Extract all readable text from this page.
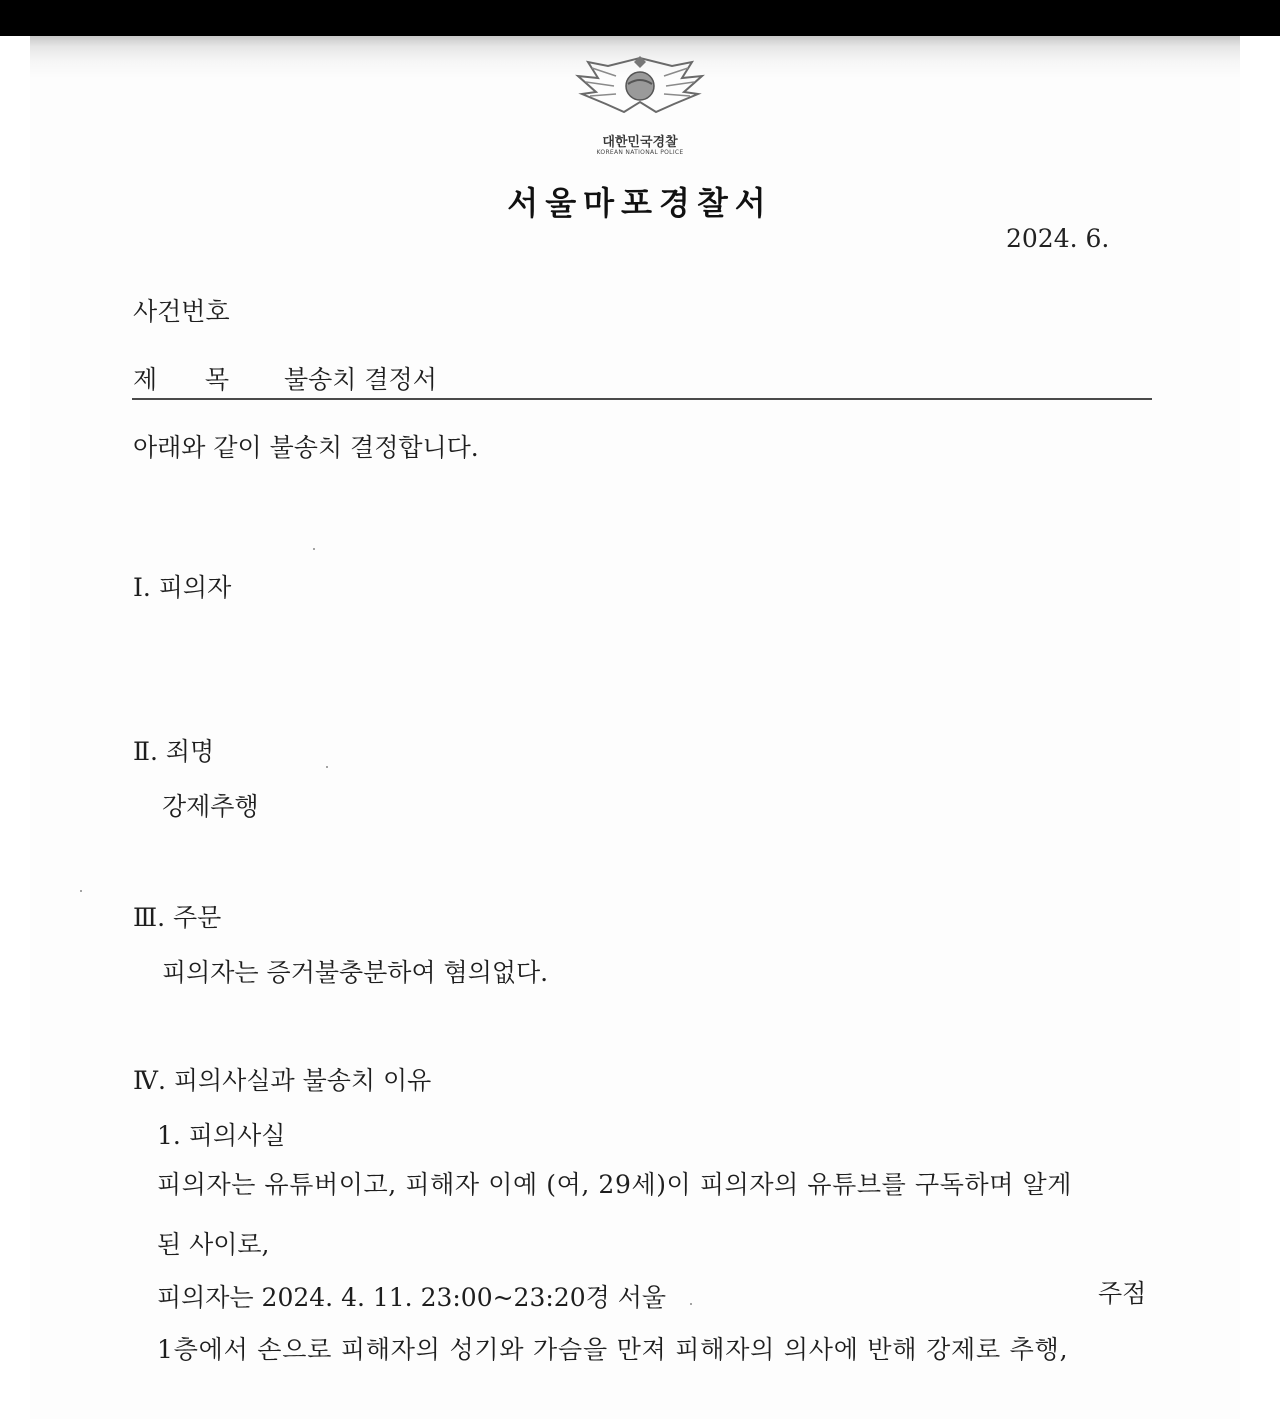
대한민국경찰
KOREAN NATIONAL POLICE
서울마포경찰서
2024. 6.
사건번호
제      목 불송치 결정서
아래와 같이 불송치 결정합니다.
Ⅰ. 피의자
Ⅱ. 죄명
강제추행
Ⅲ. 주문
피의자는 증거불충분하여 혐의없다.
Ⅳ. 피의사실과 불송치 이유
1. 피의사실
피의자는 유튜버이고, 피해자 이예 (여, 29세)이 피의자의 유튜브를 구독하며 알게
된 사이로,
피의자는 2024. 4. 11. 23:00~23:20경 서울	주점
1층에서 손으로 피해자의 성기와 가슴을 만져 피해자의 의사에 반해 강제로 추행,
